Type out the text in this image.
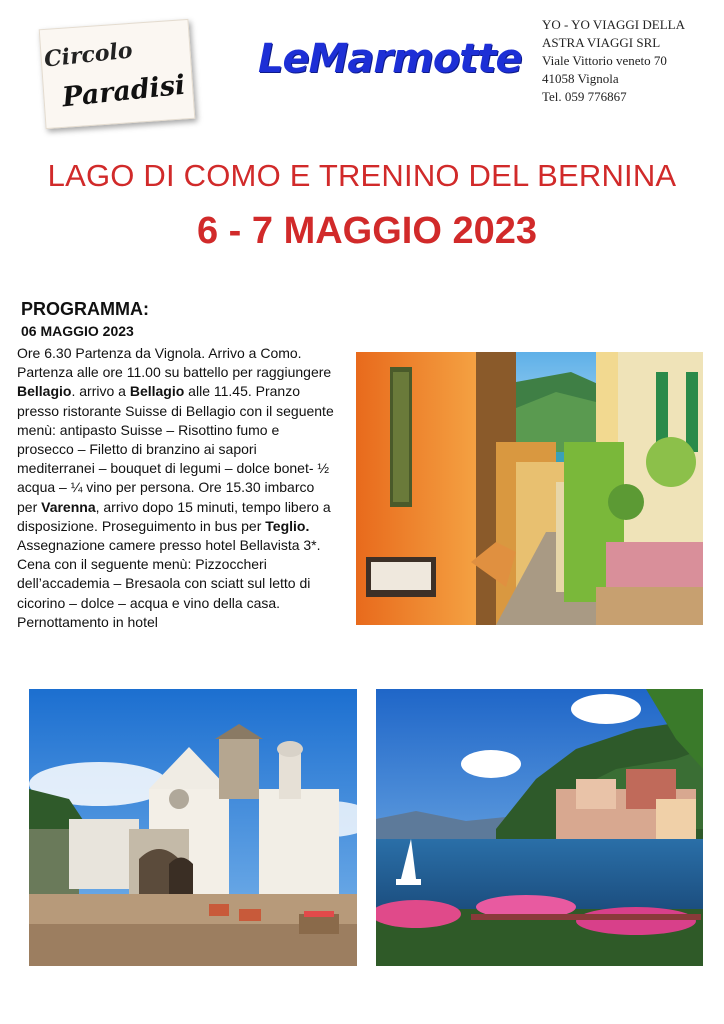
Circolo
Paradisi
LeMarmotte
YO - YO VIAGGI DELLA
ASTRA VIAGGI SRL
Viale Vittorio veneto 70
41058 Vignola
Tel. 059 776867
LAGO DI COMO E TRENINO DEL BERNINA
6 - 7 MAGGIO 2023
PROGRAMMA:
06 MAGGIO 2023
Ore 6.30 Partenza da Vignola. Arrivo a Como. Partenza alle ore 11.00 su battello per raggiungere Bellagio. arrivo a Bellagio alle 11.45. Pranzo presso ristorante Suisse di Bellagio con il seguente menù: antipasto Suisse – Risottino fumo e prosecco – Filetto di branzino ai sapori mediterranei – bouquet di legumi – dolce bonet- ½ acqua – ¼ vino per persona. Ore 15.30 imbarco per Varenna, arrivo dopo 15 minuti, tempo libero a disposizione. Proseguimento in bus per Teglio. Assegnazione camere presso hotel Bellavista 3*. Cena con il seguente menù: Pizzoccheri dell’accademia – Bresaola con sciatt sul letto di cicorino – dolce – acqua e vino della casa. Pernottamento in hotel
